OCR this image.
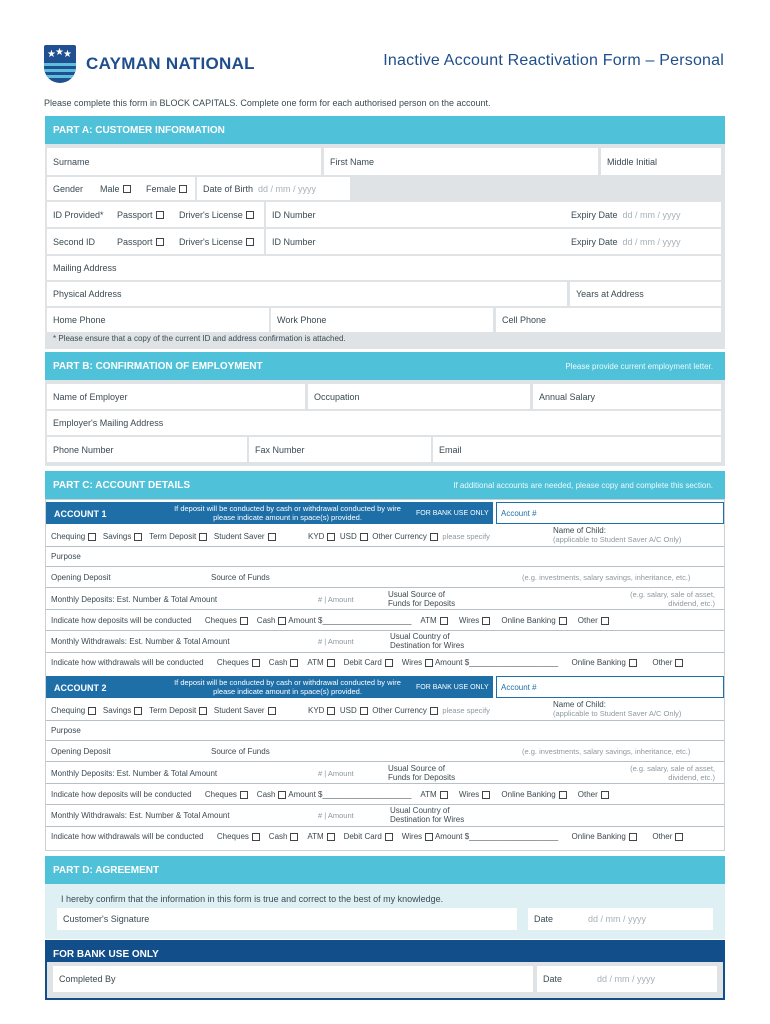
★ ★ ★ CAYMAN NATIONAL	Inactive Account Reactivation Form – Personal
Please complete this form in BLOCK CAPITALS. Complete one form for each authorised person on the account.
PART A: CUSTOMER INFORMATION
Surname	First Name	Middle Initial
Gender Male	Female	Date of Birth
dd / mm / yyyy
ID Provided* Passport	Driver's License	ID Number	Expiry Date dd / mm / yyyy
Second ID Passport	Driver's License	ID Number	Expiry Date dd / mm / yyyy
Mailing Address
Physical Address	Years at Address
Home Phone	Work Phone	Cell Phone
* Please ensure that a copy of the current ID and address confirmation is attached.
PART B: CONFIRMATION OF EMPLOYMENT	Please provide current employment letter.
Name of Employer	Occupation	Annual Salary
Employer's Mailing Address
Phone Number	Fax Number	Email
PART C: ACCOUNT DETAILS	If additional accounts are needed, please copy and complete this section.
ACCOUNT 1
If deposit will be conducted by cash or withdrawal conducted by wire please indicate amount in space(s) provided.	FOR BANK USE ONLY	Account #
Chequing Savings Term Deposit Student Saver	KYD USD Other Currency please specify
Name of Child:
(applicable to Student Saver A/C Only)
Purpose
Opening Deposit	Source of Funds	(e.g. investments, salary savings, inheritance, etc.)
Monthly Deposits: Est. Number & Total Amount	# | Amount
Usual Source of Funds for Deposits
(e.g. salary, sale of asset, dividend, etc.)
Indicate how deposits will be conducted Cheques Cash Amount $____________________ ATM	Wires	Online Banking	Other
Monthly Withdrawals: Est. Number & Total Amount	# | Amount
Usual Country of Destination for Wires
Indicate how withdrawals will be conducted Cheques Cash ATM Debit Card Wires Amount $____________________ Online Banking	Other
ACCOUNT 2
If deposit will be conducted by cash or withdrawal conducted by wire please indicate amount in space(s) provided.	FOR BANK USE ONLY	Account #
Chequing Savings Term Deposit Student Saver	KYD USD Other Currency please specify
Name of Child:
(applicable to Student Saver A/C Only)
Purpose
Opening Deposit	Source of Funds	(e.g. investments, salary savings, inheritance, etc.)
Monthly Deposits: Est. Number & Total Amount	# | Amount
Usual Source of Funds for Deposits
(e.g. salary, sale of asset, dividend, etc.)
Indicate how deposits will be conducted Cheques Cash Amount $____________________ ATM	Wires	Online Banking	Other
Monthly Withdrawals: Est. Number & Total Amount	# | Amount
Usual Country of Destination for Wires
Indicate how withdrawals will be conducted Cheques Cash ATM Debit Card Wires Amount $____________________ Online Banking	Other
PART D: AGREEMENT
I hereby confirm that the information in this form is true and correct to the best of my knowledge.
Customer's Signature	Date	dd / mm / yyyy
FOR BANK USE ONLY
Completed By	Date	dd / mm / yyyy
